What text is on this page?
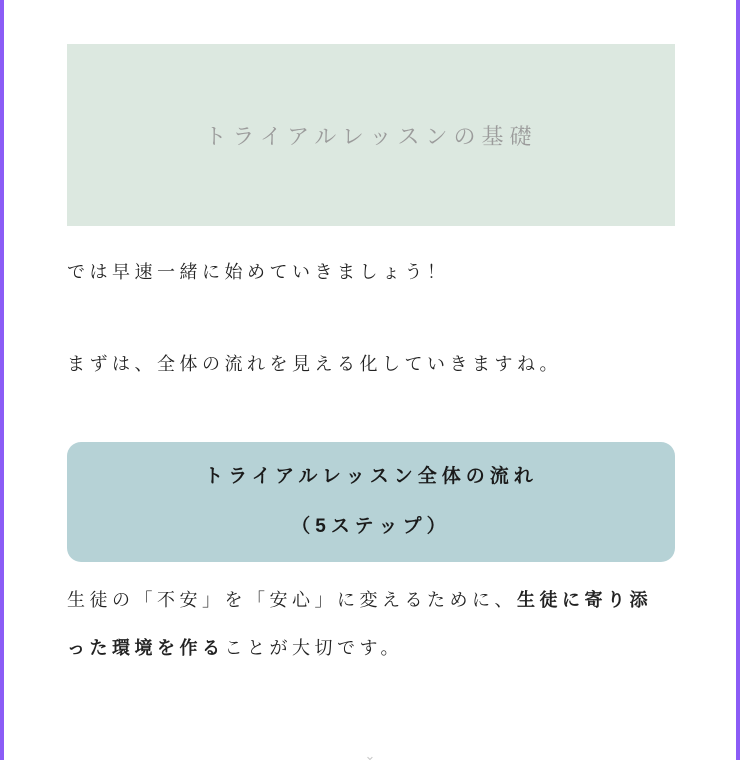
トライアルレッスンの基礎
では早速一緒に始めていきましょう！
まずは、全体の流れを見える化していきますね。
トライアルレッスン全体の流れ
（5ステップ）
生徒の「不安」を「安心」に変えるために、生徒に寄り添った環境を作ることが大切です。
⌄
